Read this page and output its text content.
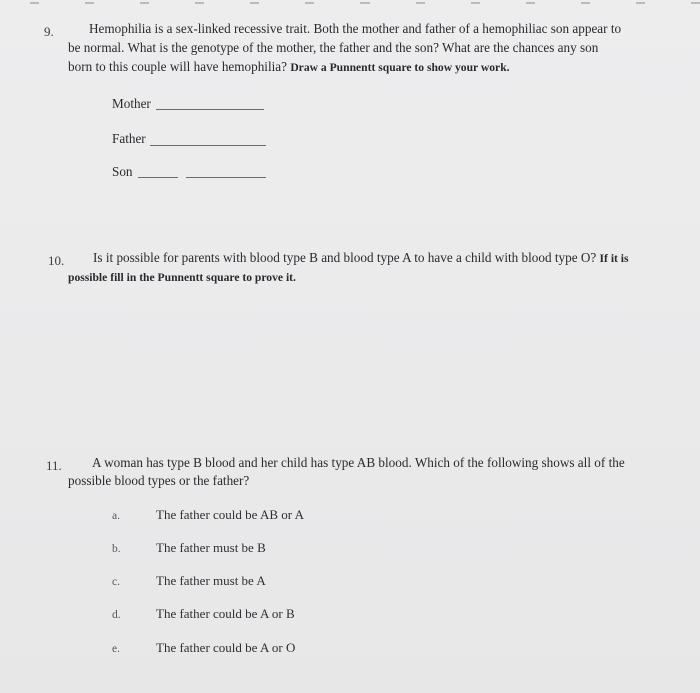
9.	Hemophilia is a sex-linked recessive trait. Both the mother and father of a hemophiliac son appear to
be normal. What is the genotype of the mother, the father and the son? What are the chances any son
born to this couple will have hemophilia? Draw a Punnentt square to show your work.
Mother
Father
Son
10. Is it possible for parents with blood type B and blood type A to have a child with blood type O? If it is
possible fill in the Punnentt square to prove it.
11. A woman has type B blood and her child has type AB blood. Which of the following shows all of the
possible blood types or the father?
a.	The father could be AB or A
b.	The father must be B
c.	The father must be A
d.	The father could be A or B
e.	The father could be A or O
